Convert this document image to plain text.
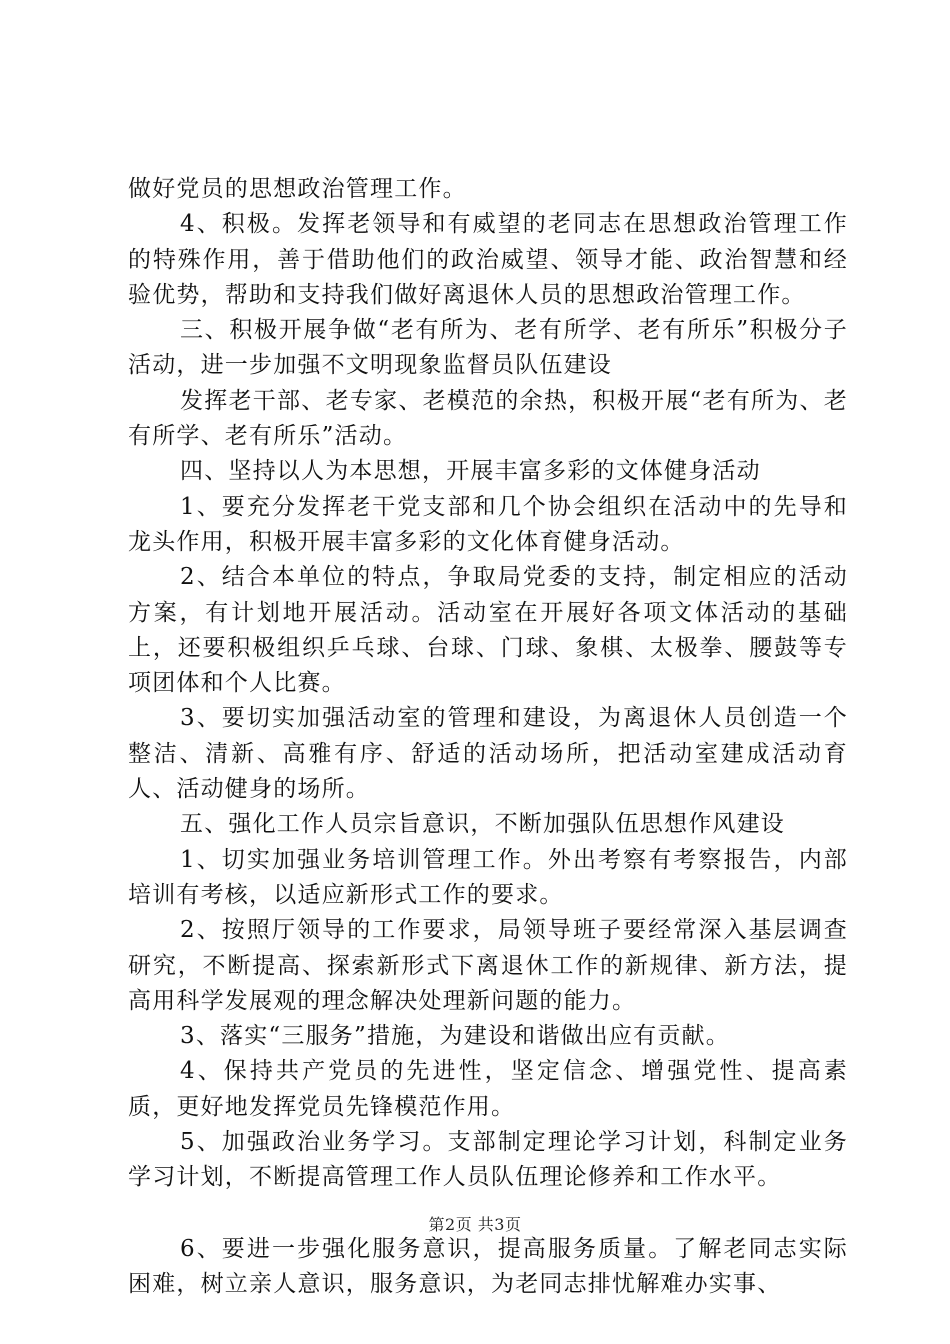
做好党员的思想政治管理工作。

4、积极。发挥老领导和有威望的老同志在思想政治管理工作的特殊作用，善于借助他们的政治威望、领导才能、政治智慧和经验优势，帮助和支持我们做好离退休人员的思想政治管理工作。

三、积极开展争做“老有所为、老有所学、老有所乐”积极分子活动，进一步加强不文明现象监督员队伍建设

发挥老干部、老专家、老模范的余热，积极开展“老有所为、老有所学、老有所乐”活动。

四、坚持以人为本思想，开展丰富多彩的文体健身活动

1、要充分发挥老干党支部和几个协会组织在活动中的先导和龙头作用，积极开展丰富多彩的文化体育健身活动。

2、结合本单位的特点，争取局党委的支持，制定相应的活动方案，有计划地开展活动。活动室在开展好各项文体活动的基础上，还要积极组织乒乓球、台球、门球、象棋、太极拳、腰鼓等专项团体和个人比赛。

3、要切实加强活动室的管理和建设，为离退休人员创造一个整洁、清新、高雅有序、舒适的活动场所，把活动室建成活动育人、活动健身的场所。

五、强化工作人员宗旨意识，不断加强队伍思想作风建设

1、切实加强业务培训管理工作。外出考察有考察报告，内部培训有考核，以适应新形式工作的要求。

2、按照厅领导的工作要求，局领导班子要经常深入基层调查研究，不断提高、探索新形式下离退休工作的新规律、新方法，提高用科学发展观的理念解决处理新问题的能力。

3、落实“三服务”措施，为建设和谐做出应有贡献。

4、保持共产党员的先进性，坚定信念、增强党性、提高素质，更好地发挥党员先锋模范作用。

5、加强政治业务学习。支部制定理论学习计划，科制定业务学习计划，不断提高管理工作人员队伍理论修养和工作水平。

6、要进一步强化服务意识，提高服务质量。了解老同志实际困难，树立亲人意识，服务意识，为老同志排忧解难办实事、

第2页 共3页
